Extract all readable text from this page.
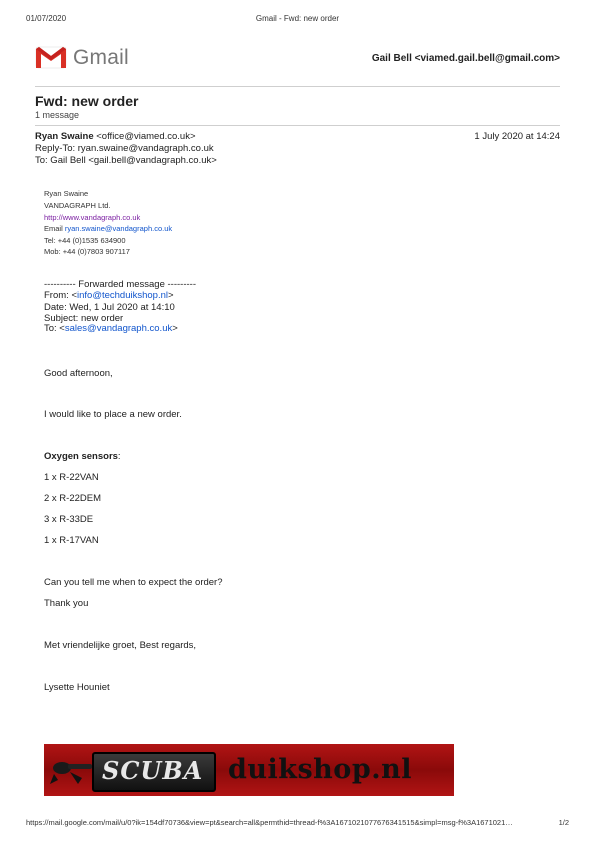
01/07/2020	Gmail - Fwd: new order
Gmail	Gail Bell <viamed.gail.bell@gmail.com>
Fwd: new order
1 message
Ryan Swaine <office@viamed.co.uk>	1 July 2020 at 14:24
Reply-To: ryan.swaine@vandagraph.co.uk
To: Gail Bell <gail.bell@vandagraph.co.uk>
Ryan Swaine
VANDAGRAPH Ltd.
http://www.vandagraph.co.uk
Email ryan.swaine@vandagraph.co.uk
Tel: +44 (0)1535 634900
Mob: +44 (0)7803 907117
---------- Forwarded message ---------
From: <info@techduikshop.nl>
Date: Wed, 1 Jul 2020 at 14:10
Subject: new order
To: <sales@vandagraph.co.uk>
Good afternoon,
I would like to place a new order.
Oxygen sensors:
1 x R-22VAN
2 x R-22DEM
3 x R-33DE
1 x R-17VAN
Can you tell me when to expect the order?
Thank you
Met vriendelijke groet, Best regards,
Lysette Houniet
SCUBA duikshop.nl
https://mail.google.com/mail/u/0?ik=154df70736&view=pt&search=all&permthid=thread-f%3A1671021077676341515&simpl=msg-f%3A1671021…	1/2
